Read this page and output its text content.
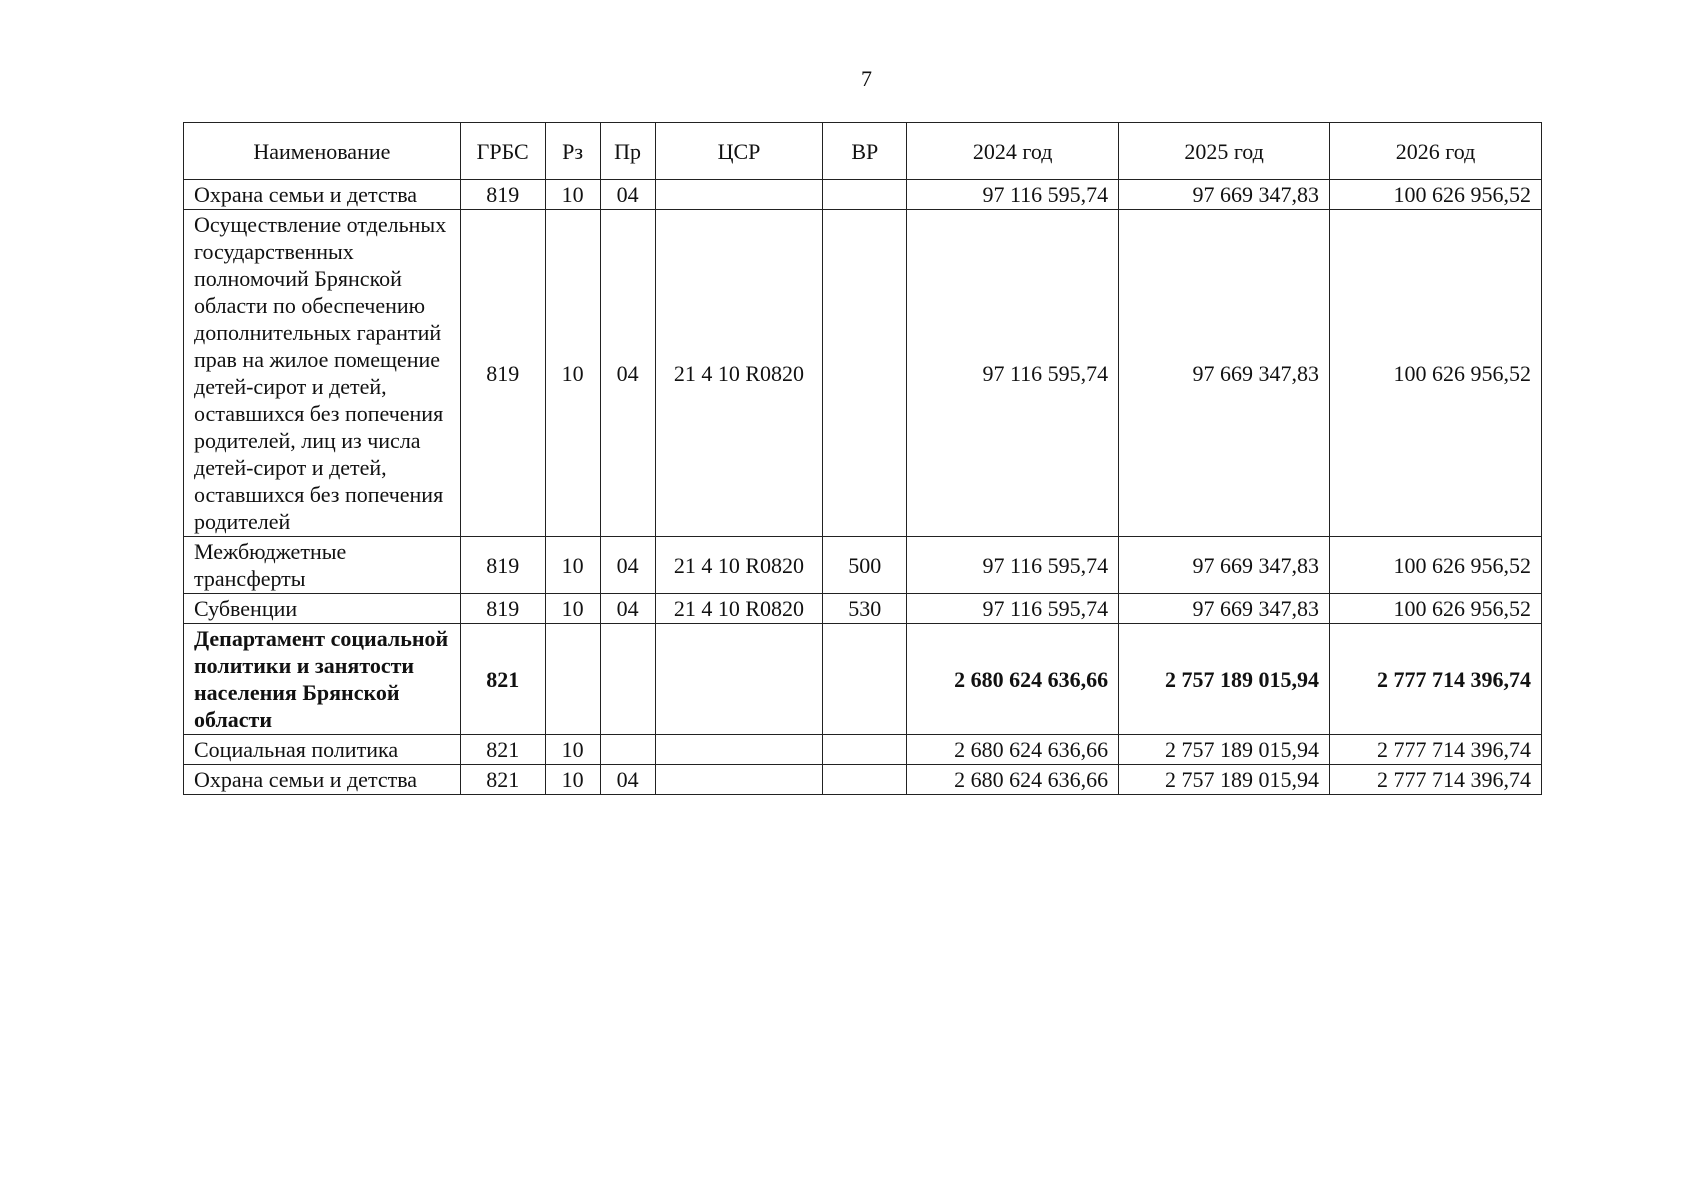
7
Наименование	ГРБС	Рз	Пр	ЦСР	ВР	2024 год	2025 год	2026 год
Охрана семьи и детства	819	10	04			97 116 595,74	97 669 347,83	100 626 956,52
Осуществление отдельных государственных полномочий Брянской области по обеспечению дополнительных гарантий прав на жилое помещение детей-сирот и детей, оставшихся без попечения родителей, лиц из числа детей-сирот и детей, оставшихся без попечения родителей	819	10	04	21 4 10 R0820		97 116 595,74	97 669 347,83	100 626 956,52
Межбюджетные трансферты	819	10	04	21 4 10 R0820	500	97 116 595,74	97 669 347,83	100 626 956,52
Субвенции	819	10	04	21 4 10 R0820	530	97 116 595,74	97 669 347,83	100 626 956,52
Департамент социальной политики и занятости населения Брянской области	821					2 680 624 636,66	2 757 189 015,94	2 777 714 396,74
Социальная политика	821	10				2 680 624 636,66	2 757 189 015,94	2 777 714 396,74
Охрана семьи и детства	821	10	04			2 680 624 636,66	2 757 189 015,94	2 777 714 396,74
